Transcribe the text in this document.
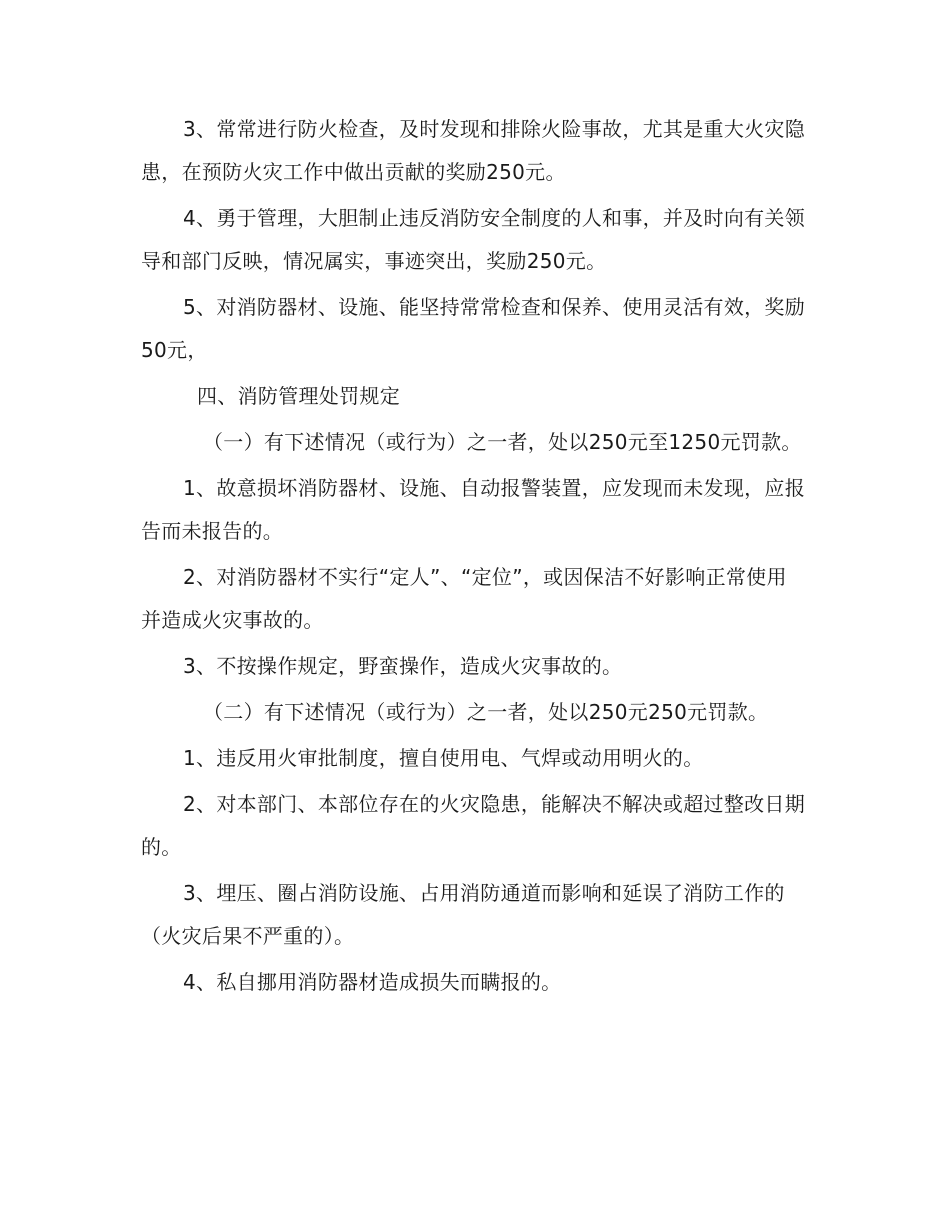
3、常常进行防火检查，及时发现和排除火险事故，尤其是重大火灾隐患，在预防火灾工作中做出贡献的奖励250元。

4、勇于管理，大胆制止违反消防安全制度的人和事，并及时向有关领导和部门反映，情况属实，事迹突出，奖励250元。

5、对消防器材、设施、能坚持常常检查和保养、使用灵活有效，奖励50元，

四、消防管理处罚规定

（一）有下述情况（或行为）之一者，处以250元至1250元罚款。

1、故意损坏消防器材、设施、自动报警装置，应发现而未发现，应报告而未报告的。

2、对消防器材不实行“定人”、“定位”，或因保洁不好影响正常使用并造成火灾事故的。

3、不按操作规定，野蛮操作，造成火灾事故的。

（二）有下述情况（或行为）之一者，处以250元250元罚款。

1、违反用火审批制度，擅自使用电、气焊或动用明火的。

2、对本部门、本部位存在的火灾隐患，能解决不解决或超过整改日期的。

3、埋压、圈占消防设施、占用消防通道而影响和延误了消防工作的（火灾后果不严重的）。

4、私自挪用消防器材造成损失而瞒报的。
